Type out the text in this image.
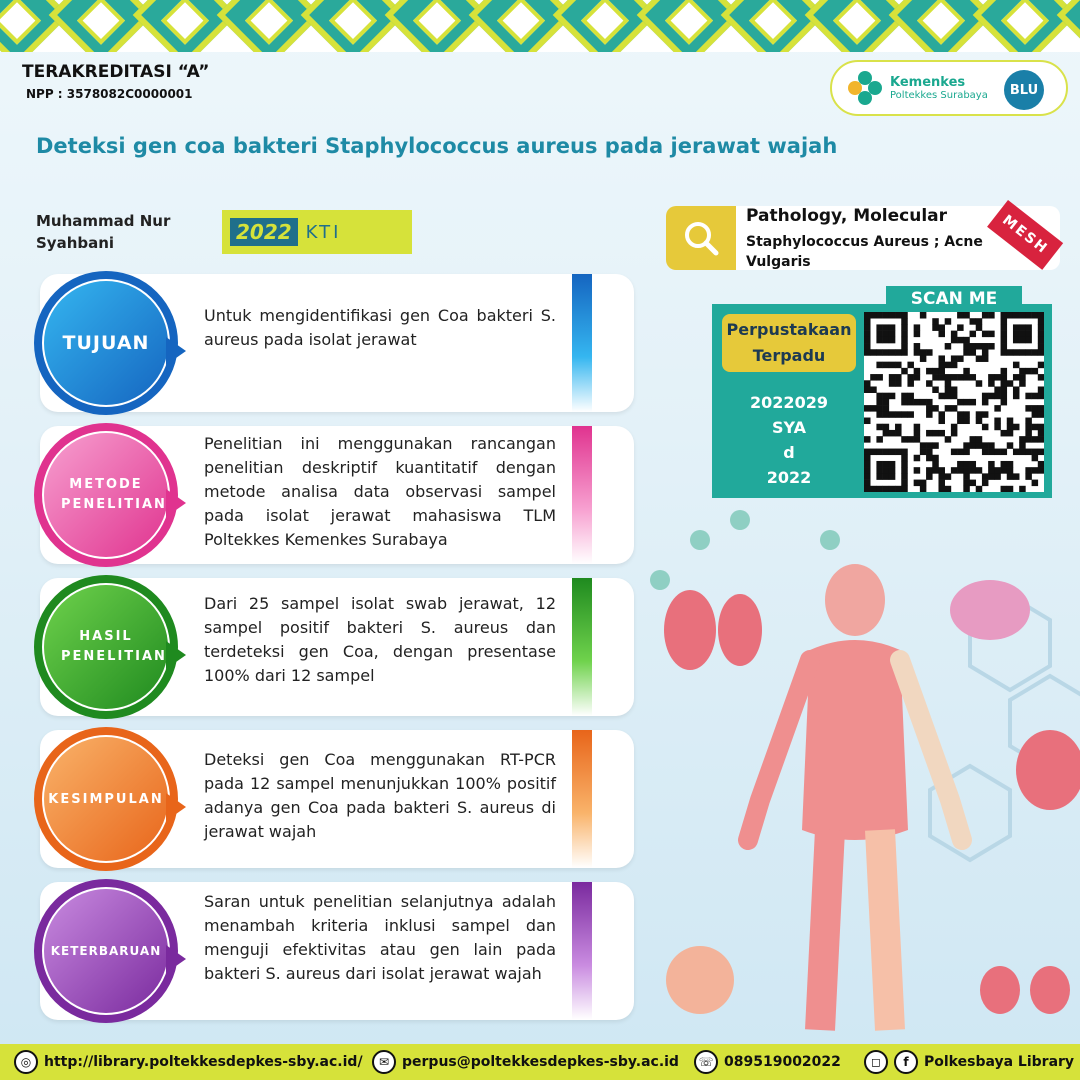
TERAKREDITASI “A”
NPP : 3578082C0000001
Kemenkes
Poltekkes Surabaya	BLU
Deteksi gen coa bakteri Staphylococcus aureus pada jerawat wajah
Muhammad Nur Syahbani	2022 KTI
Pathology, Molecular
Staphylococcus Aureus ; Acne Vulgaris
MESH
SCAN ME
Perpustakaan Terpadu
2022029
SYA
d
2022
TUJUAN
Untuk mengidentifikasi gen Coa bakteri S. aureus pada isolat jerawat
METODE PENELITIAN
Penelitian ini menggunakan rancangan penelitian deskriptif kuantitatif dengan metode analisa data observasi sampel pada isolat jerawat mahasiswa TLM Poltekkes Kemenkes Surabaya
HASIL PENELITIAN
Dari 25 sampel isolat swab jerawat, 12 sampel positif bakteri S. aureus dan terdeteksi gen Coa, dengan presentase 100% dari 12 sampel
KESIMPULAN
Deteksi gen Coa menggunakan RT-PCR pada 12 sampel menunjukkan 100% positif adanya gen Coa pada bakteri S. aureus di jerawat wajah
KETERBARUAN
Saran untuk penelitian selanjutnya adalah menambah kriteria inklusi sampel dan menguji efektivitas atau gen lain pada bakteri S. aureus dari isolat jerawat wajah
◎ http://library.poltekkesdepkes-sby.ac.id/	✉ perpus@poltekkesdepkes-sby.ac.id	☏ 089519002022	◻	f	Polkesbaya Library
